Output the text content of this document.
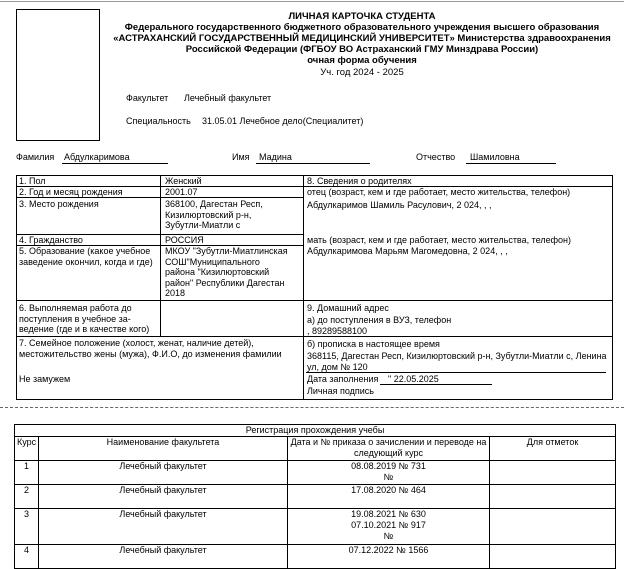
ЛИЧНАЯ КАРТОЧКА СТУДЕНТА
Федерального государственного бюджетного образовательного учреждения высшего образования
«АСТРАХАНСКИЙ ГОСУДАРСТВЕННЫЙ МЕДИЦИНСКИЙ УНИВЕРСИТЕТ» Министерства здравоохранения
Российской Федерации (ФГБОУ ВО Астраханский ГМУ Минздрава России)
очная форма обучения
Уч. год 2024 - 2025
Факультет Лечебный факультет
Специальность 31.05.01 Лечебное дело(Специалитет)
Фамилия Абдулкаримова	Имя Мадина	Отчество Шамиловна
1. Пол	Женский
2. Год и месяц рождения	2001.07
3. Место рождения	368100, Дагестан Респ,
Кизилюртовский р-н,
Зубутли-Миатли с
4. Гражданство	РОССИЯ
5. Образование (какое учебное
заведение окончил, когда и где)
МКОУ "Зубутли-Миатлинская
СОШ"Муниципального
района "Кизилюртовский
район" Республики Дагестан
2018
6. Выполняемая работа до
поступления в учебное за-
ведение (где и в качестве кого)
7. Семейное положение (холост, женат, наличие детей),
местожительство жены (мужа), Ф.И.О, до изменения фамилии
Не замужем
8. Сведения о родителях
отец (возраст, кем и где работает, место жительства, телефон)
Абдулкаримов Шамиль Расулович, 2 024, , ,
мать (возраст, кем и где работает, место жительства, телефон)
Абдулкаримова Марьям Магомедовна, 2 024, , ,
9. Домашний адрес
а) до поступления в ВУЗ, телефон
, 89289588100
б) прописка в настоящее время
368115, Дагестан Респ, Кизилюртовский р-н, Зубутли-Миатли с, Ленина
ул, дом № 120
Дата заполнения " 22.05.2025
Личная подпись
Регистрация прохождения учебы			
Курс	Наименование факультета	Дата и № приказа о зачислении и переводе на следующий курс	Для отметок
1	Лечебный факультет	08.08.2019 № 731
№	

2	Лечебный факультет	17.08.2020 № 464	

3	Лечебный факультет	19.08.2021 № 630
07.10.2021 № 917
№	

4	Лечебный факультет	07.12.2022 № 1566	
